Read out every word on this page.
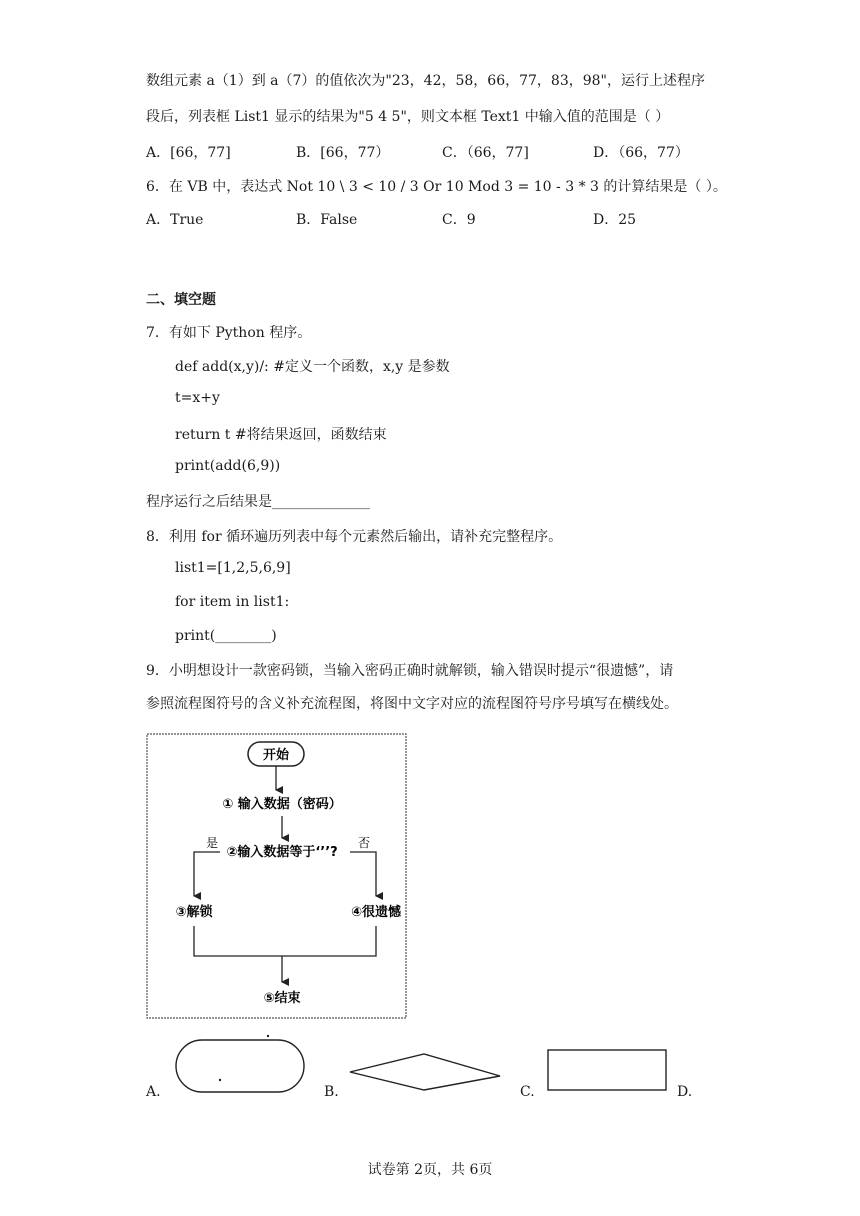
数组元素 a（1）到 a（7）的值依次为"23，42，58，66，77，83，98"，运行上述程序
段后，列表框 List1 显示的结果为"5 4 5"，则文本框 Text1 中输入值的范围是（ ）
A．[66，77]	B．[66，77）	C．（66，77]	D．（66，77）
6．在 VB 中，表达式 Not 10 \ 3 < 10 / 3 Or 10 Mod 3 = 10 - 3 * 3 的计算结果是（ ）。
A．True	B．False	C．9	D．25
二、填空题
7．有如下 Python 程序。
def add(x,y)/: #定义一个函数，x,y 是参数
t=x+y
return t #将结果返回，函数结束
print(add(6,9))
程序运行之后结果是______________
8．利用 for 循环遍历列表中每个元素然后输出，请补充完整程序。
list1=[1,2,5,6,9]
for item in list1:
print(________)
9．小明想设计一款密码锁，当输入密码正确时就解锁，输入错误时提示“很遗憾”，请
参照流程图符号的含义补充流程图，将图中文字对应的流程图符号序号填写在横线处。
开始
① 输入数据（密码）
②输入数据等于‘’’?
是	否
③解锁	④很遗憾
⑤结束
A.	B.	C.	D.
试卷第 2页，共 6页
